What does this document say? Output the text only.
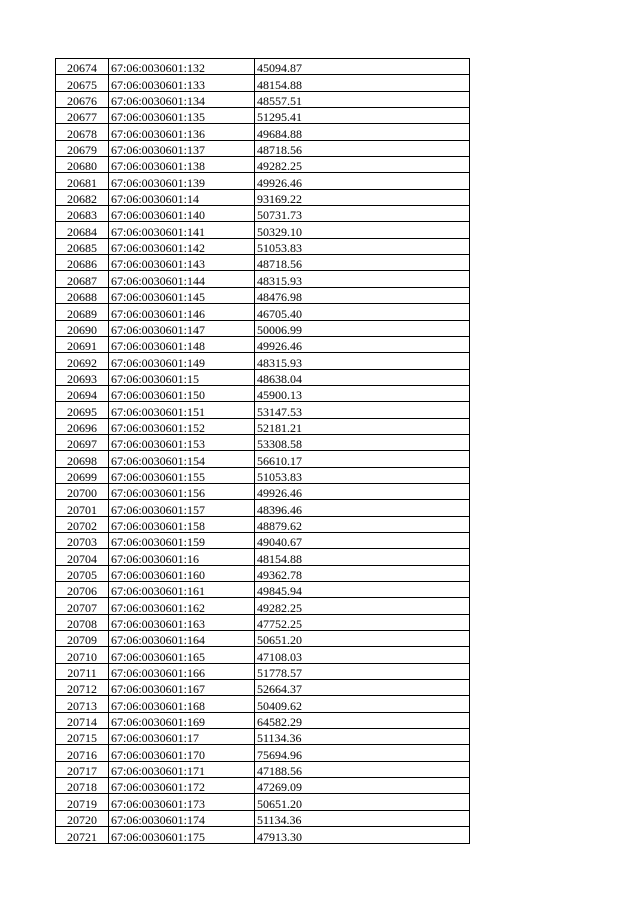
20674	67:06:0030601:132	45094.87
20675	67:06:0030601:133	48154.88
20676	67:06:0030601:134	48557.51
20677	67:06:0030601:135	51295.41
20678	67:06:0030601:136	49684.88
20679	67:06:0030601:137	48718.56
20680	67:06:0030601:138	49282.25
20681	67:06:0030601:139	49926.46
20682	67:06:0030601:14	93169.22
20683	67:06:0030601:140	50731.73
20684	67:06:0030601:141	50329.10
20685	67:06:0030601:142	51053.83
20686	67:06:0030601:143	48718.56
20687	67:06:0030601:144	48315.93
20688	67:06:0030601:145	48476.98
20689	67:06:0030601:146	46705.40
20690	67:06:0030601:147	50006.99
20691	67:06:0030601:148	49926.46
20692	67:06:0030601:149	48315.93
20693	67:06:0030601:15	48638.04
20694	67:06:0030601:150	45900.13
20695	67:06:0030601:151	53147.53
20696	67:06:0030601:152	52181.21
20697	67:06:0030601:153	53308.58
20698	67:06:0030601:154	56610.17
20699	67:06:0030601:155	51053.83
20700	67:06:0030601:156	49926.46
20701	67:06:0030601:157	48396.46
20702	67:06:0030601:158	48879.62
20703	67:06:0030601:159	49040.67
20704	67:06:0030601:16	48154.88
20705	67:06:0030601:160	49362.78
20706	67:06:0030601:161	49845.94
20707	67:06:0030601:162	49282.25
20708	67:06:0030601:163	47752.25
20709	67:06:0030601:164	50651.20
20710	67:06:0030601:165	47108.03
20711	67:06:0030601:166	51778.57
20712	67:06:0030601:167	52664.37
20713	67:06:0030601:168	50409.62
20714	67:06:0030601:169	64582.29
20715	67:06:0030601:17	51134.36
20716	67:06:0030601:170	75694.96
20717	67:06:0030601:171	47188.56
20718	67:06:0030601:172	47269.09
20719	67:06:0030601:173	50651.20
20720	67:06:0030601:174	51134.36
20721	67:06:0030601:175	47913.30
